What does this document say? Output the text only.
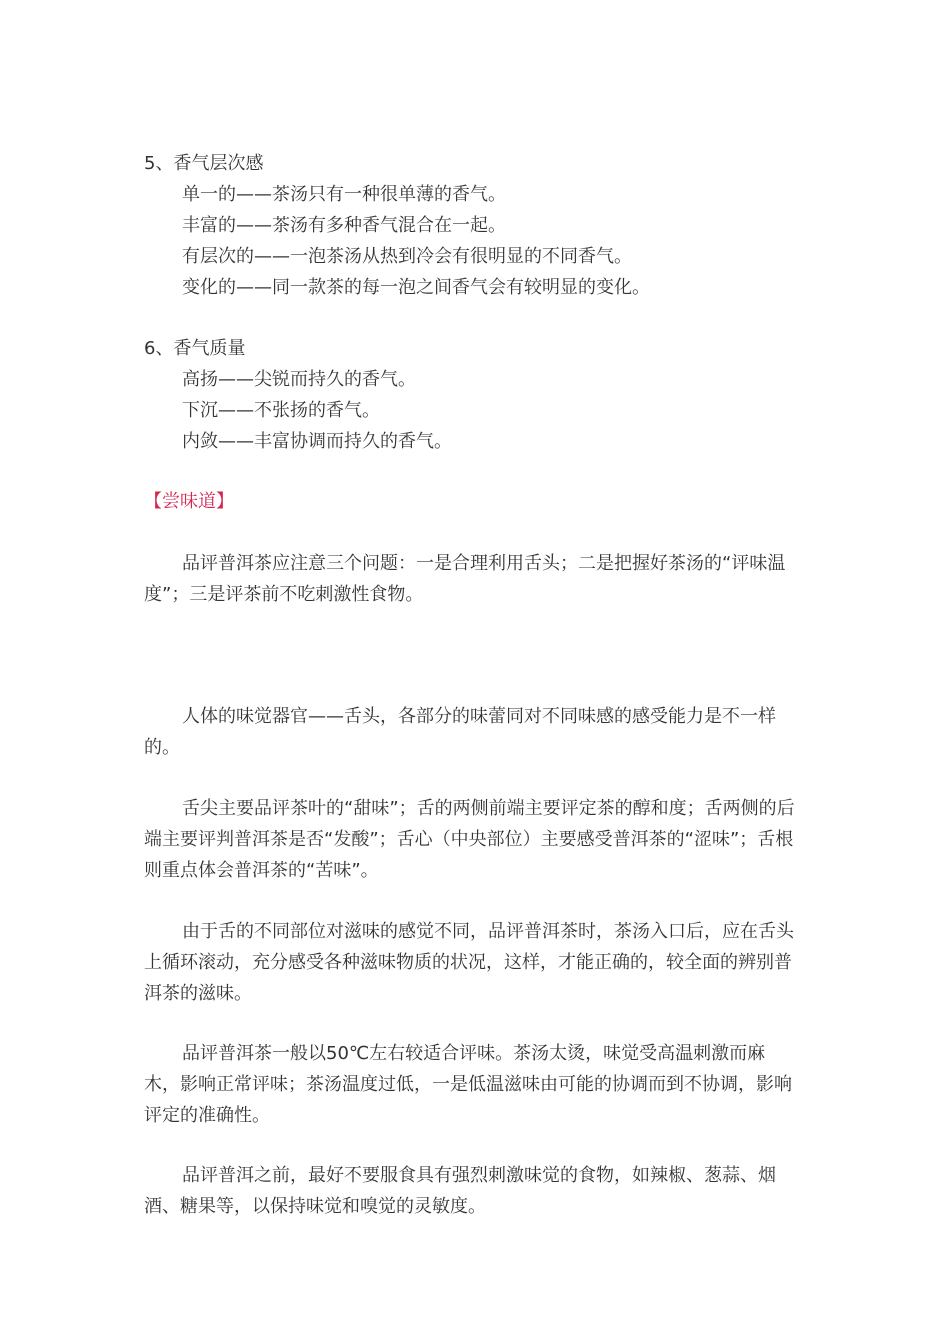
5、香气层次感
单一的——茶汤只有一种很单薄的香气。
丰富的——茶汤有多种香气混合在一起。
有层次的——一泡茶汤从热到冷会有很明显的不同香气。
变化的——同一款茶的每一泡之间香气会有较明显的变化。
6、香气质量
高扬——尖锐而持久的香气。
下沉——不张扬的香气。
内敛——丰富协调而持久的香气。
【尝味道】

品评普洱茶应注意三个问题：一是合理利用舌头；二是把握好茶汤的“评味温度”；三是评茶前不吃刺激性食物。

人体的味觉器官——舌头，各部分的味蕾同对不同味感的感受能力是不一样的。

舌尖主要品评茶叶的“甜味”；舌的两侧前端主要评定茶的醇和度；舌两侧的后端主要评判普洱茶是否“发酸”；舌心（中央部位）主要感受普洱茶的“涩味”；舌根则重点体会普洱茶的“苦味”。

由于舌的不同部位对滋味的感觉不同，品评普洱茶时，茶汤入口后，应在舌头上循环滚动，充分感受各种滋味物质的状况，这样，才能正确的，较全面的辨别普洱茶的滋味。

品评普洱茶一般以50℃左右较适合评味。茶汤太烫，味觉受高温刺激而麻木，影响正常评味；茶汤温度过低，一是低温滋味由可能的协调而到不协调，影响评定的准确性。

品评普洱之前，最好不要服食具有强烈刺激味觉的食物，如辣椒、葱蒜、烟酒、糖果等，以保持味觉和嗅觉的灵敏度。
